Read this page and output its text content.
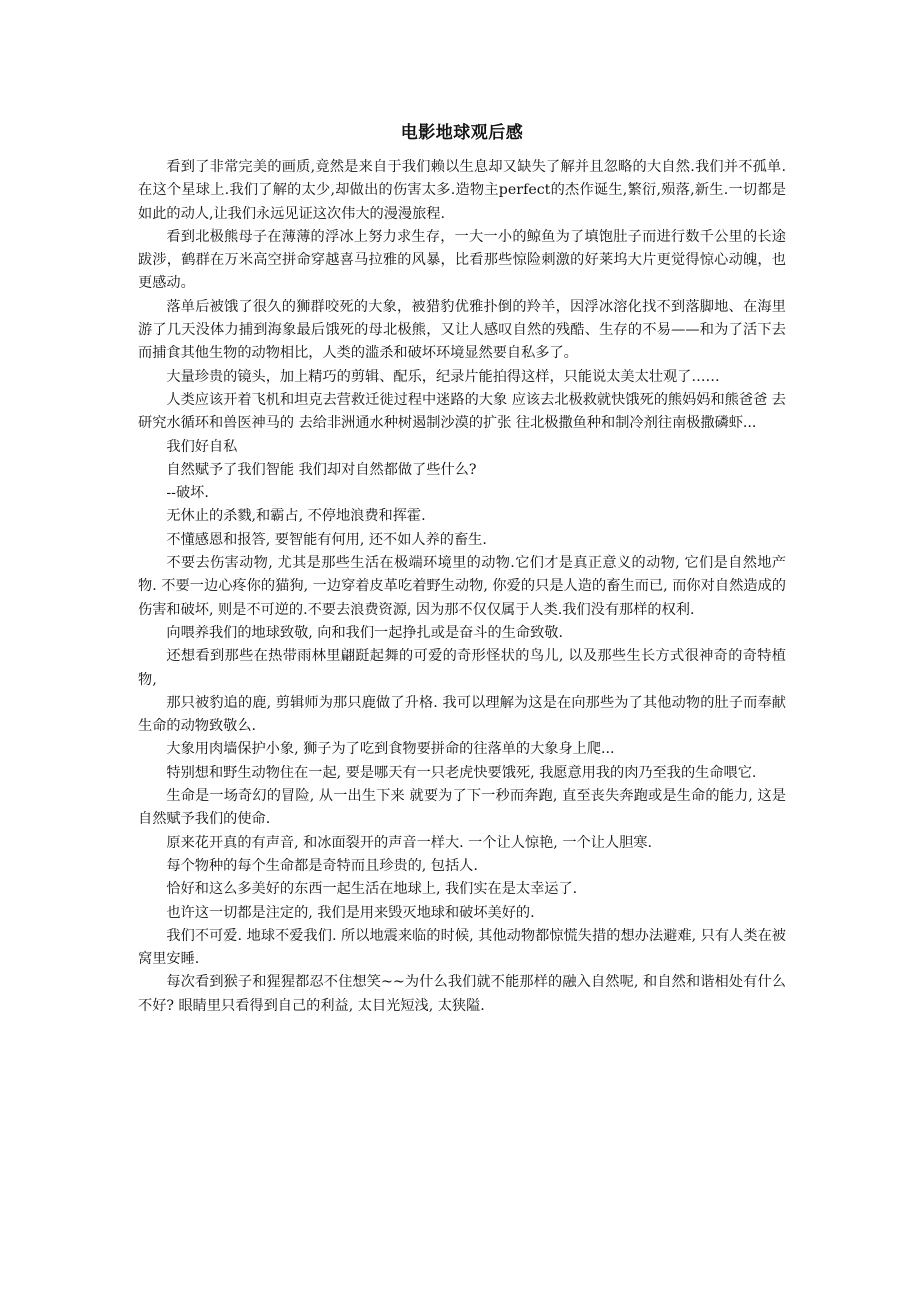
电影地球观后感

看到了非常完美的画质,竟然是来自于我们赖以生息却又缺失了解并且忽略的大自然.我们并不孤单.在这个星球上.我们了解的太少,却做出的伤害太多.造物主perfect的杰作诞生,繁衍,殒落,新生.一切都是如此的动人,让我们永远见证这次伟大的漫漫旅程.

看到北极熊母子在薄薄的浮冰上努力求生存，一大一小的鲸鱼为了填饱肚子而进行数千公里的长途跋涉，鹤群在万米高空拼命穿越喜马拉雅的风暴，比看那些惊险刺激的好莱坞大片更觉得惊心动魄，也更感动。

落单后被饿了很久的狮群咬死的大象，被猎豹优雅扑倒的羚羊，因浮冰溶化找不到落脚地、在海里游了几天没体力捕到海象最后饿死的母北极熊，又让人感叹自然的残酷、生存的不易——和为了活下去而捕食其他生物的动物相比，人类的滥杀和破坏环境显然要自私多了。

大量珍贵的镜头，加上精巧的剪辑、配乐，纪录片能拍得这样，只能说太美太壮观了……

人类应该开着飞机和坦克去营救迁徙过程中迷路的大象 应该去北极救就快饿死的熊妈妈和熊爸爸 去研究水循环和兽医神马的 去给非洲通水种树遏制沙漠的扩张 往北极撒鱼种和制冷剂往南极撒磷虾...

我们好自私

自然赋予了我们智能 我们却对自然都做了些什么?

--破坏.

无休止的杀戮,和霸占, 不停地浪费和挥霍.

不懂感恩和报答, 要智能有何用, 还不如人养的畜生.

不要去伤害动物, 尤其是那些生活在极端环境里的动物.它们才是真正意义的动物, 它们是自然地产物. 不要一边心疼你的猫狗, 一边穿着皮革吃着野生动物, 你爱的只是人造的畜生而已, 而你对自然造成的伤害和破坏, 则是不可逆的.不要去浪费资源, 因为那不仅仅属于人类.我们没有那样的权利.

向喂养我们的地球致敬, 向和我们一起挣扎或是奋斗的生命致敬.

还想看到那些在热带雨林里翩跹起舞的可爱的奇形怪状的鸟儿, 以及那些生长方式很神奇的奇特植物,

那只被豹追的鹿, 剪辑师为那只鹿做了升格. 我可以理解为这是在向那些为了其他动物的肚子而奉献生命的动物致敬么.

大象用肉墙保护小象, 狮子为了吃到食物要拼命的往落单的大象身上爬...

特别想和野生动物住在一起, 要是哪天有一只老虎快要饿死, 我愿意用我的肉乃至我的生命喂它.

生命是一场奇幻的冒险, 从一出生下来 就要为了下一秒而奔跑, 直至丧失奔跑或是生命的能力, 这是自然赋予我们的使命.

原来花开真的有声音, 和冰面裂开的声音一样大. 一个让人惊艳, 一个让人胆寒.

每个物种的每个生命都是奇特而且珍贵的, 包括人.

恰好和这么多美好的东西一起生活在地球上, 我们实在是太幸运了.

也许这一切都是注定的, 我们是用来毁灭地球和破坏美好的.

我们不可爱. 地球不爱我们. 所以地震来临的时候, 其他动物都惊慌失措的想办法避难, 只有人类在被窝里安睡.

每次看到猴子和猩猩都忍不住想笑~~为什么我们就不能那样的融入自然呢, 和自然和谐相处有什么不好? 眼睛里只看得到自己的利益, 太目光短浅, 太狭隘.
